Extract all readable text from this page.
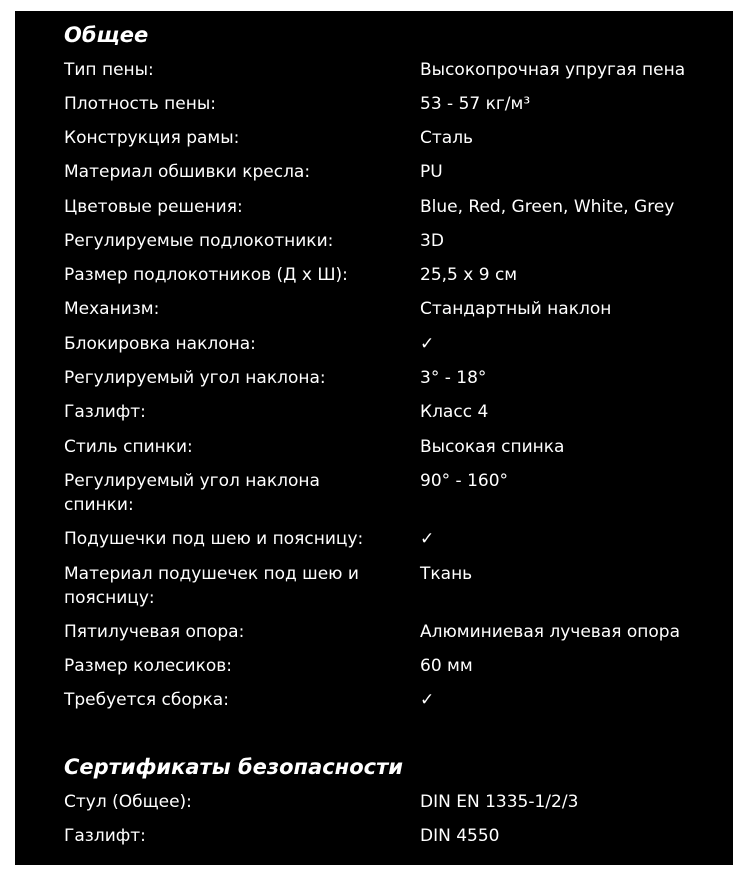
Общее
Тип пены:	Высокопрочная упругая пена
Плотность пены:	53 - 57 кг/м³
Конструкция рамы:	Сталь
Материал обшивки кресла:	PU
Цветовые решения:	Blue, Red, Green, White, Grey
Регулируемые подлокотники:	3D
Размер подлокотников (Д х Ш):	25,5 x 9 см
Механизм:	Стандартный наклон
Блокировка наклона:	✓
Регулируемый угол наклона:	3° - 18°
Газлифт:	Класс 4
Стиль спинки:	Высокая спинка
Регулируемый угол наклона спинки:
90° - 160°
Подушечки под шею и поясницу:	✓
Материал подушечек под шею и поясницу:
Ткань
Пятилучевая опора:	Алюминиевая лучевая опора
Размер колесиков:	60 мм
Требуется сборка:	✓
Сертификаты безопасности
Стул (Общее):	DIN EN 1335-1/2/3
Газлифт:	DIN 4550
